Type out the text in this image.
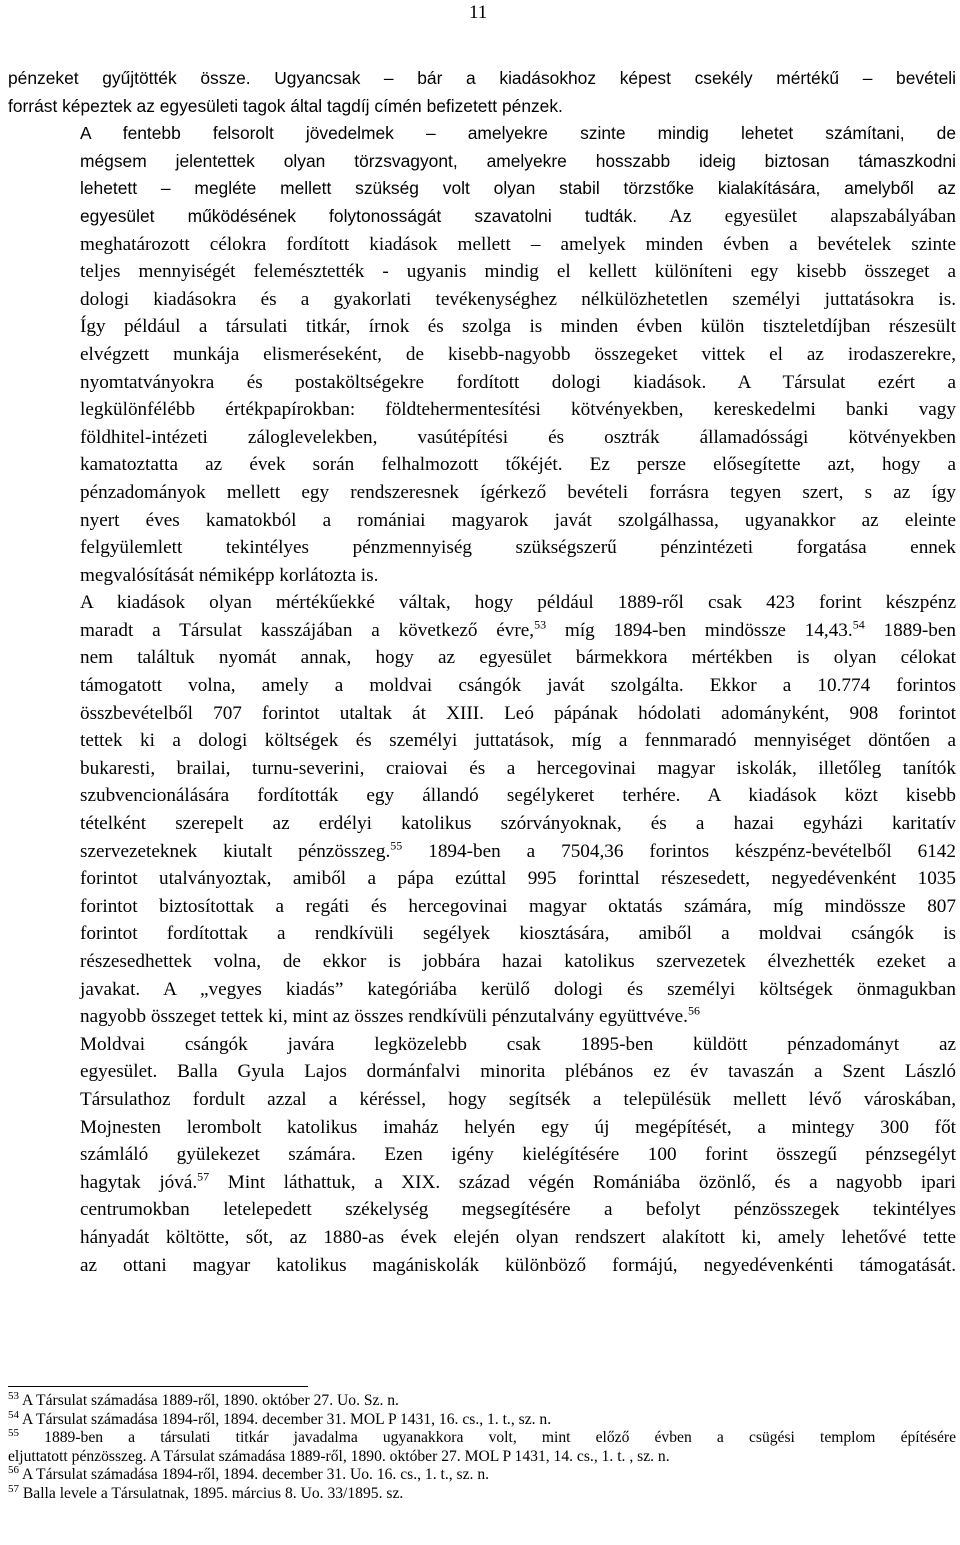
11
pénzeket gyűjtötték össze. Ugyancsak – bár a kiadásokhoz képest csekély mértékű – bevételi
forrást képeztek az egyesületi tagok által tagdíj címén befizetett pénzek.
A fentebb felsorolt jövedelmek – amelyekre szinte mindig lehetet számítani, de
mégsem jelentettek olyan törzsvagyont, amelyekre hosszabb ideig biztosan támaszkodni
lehetett – megléte mellett szükség volt olyan stabil törzstőke kialakítására, amelyből az
egyesület működésének folytonosságát szavatolni tudták. Az egyesület alapszabályában
meghatározott célokra fordított kiadások mellett – amelyek minden évben a bevételek szinte
teljes mennyiségét felemésztették - ugyanis mindig el kellett különíteni egy kisebb összeget a
dologi kiadásokra és a gyakorlati tevékenységhez nélkülözhetetlen személyi juttatásokra is.
Így például a társulati titkár, írnok és szolga is minden évben külön tiszteletdíjban részesült
elvégzett munkája elismeréseként, de kisebb-nagyobb összegeket vittek el az irodaszerekre,
nyomtatványokra és postaköltségekre fordított dologi kiadások. A Társulat ezért a
legkülönfélébb értékpapírokban: földtehermentesítési kötvényekben, kereskedelmi banki vagy
földhitel-intézeti záloglevelekben, vasútépítési és osztrák államadóssági kötvényekben
kamatoztatta az évek során felhalmozott tőkéjét. Ez persze elősegítette azt, hogy a
pénzadományok mellett egy rendszeresnek ígérkező bevételi forrásra tegyen szert, s az így
nyert éves kamatokból a romániai magyarok javát szolgálhassa, ugyanakkor az eleinte
felgyülemlett tekintélyes pénzmennyiség szükségszerű pénzintézeti forgatása ennek
megvalósítását némiképp korlátozta is.
A kiadások olyan mértékűekké váltak, hogy például 1889-ről csak 423 forint készpénz
maradt a Társulat kasszájában a következő évre,$^{53}$ míg 1894-ben mindössze 14,43.54 1889-ben
nem találtuk nyomát annak, hogy az egyesület bármekkora mértékben is olyan célokat
támogatott volna, amely a moldvai csángók javát szolgálta. Ekkor a 10.774 forintos
összbevételből 707 forintot utaltak át XIII. Leó pápának hódolati adományként, 908 forintot
tettek ki a dologi költségek és személyi juttatások, míg a fennmaradó mennyiséget döntően a
bukaresti, brailai, turnu-severini, craiovai és a hercegovinai magyar iskolák, illetőleg tanítók
szubvencionálására fordították egy állandó segélykeret terhére. A kiadások közt kisebb
tételként szerepelt az erdélyi katolikus szórványoknak, és a hazai egyházi karitatív
szervezeteknek kiutalt pénzösszeg.$^{55}$ 1894-ben a 7504,36 forintos készpénz-bevételből 6142
forintot utalványoztak, amiből a pápa ezúttal 995 forinttal részesedett, negyedévenként 1035
forintot biztosítottak a regáti és hercegovinai magyar oktatás számára, míg mindössze 807
forintot fordítottak a rendkívüli segélyek kiosztására, amiből a moldvai csángók is
részesedhettek volna, de ekkor is jobbára hazai katolikus szervezetek élvezhették ezeket a
javakat. A „vegyes kiadás” kategóriába kerülő dologi és személyi költségek önmagukban
nagyobb összeget tettek ki, mint az összes rendkívüli pénzutalvány együttvéve.$^{56}$
Moldvai csángók javára legközelebb csak 1895-ben küldött pénzadományt az
egyesület. Balla Gyula Lajos dormánfalvi minorita plébános ez év tavaszán a Szent László
Társulathoz fordult azzal a kéréssel, hogy segítsék a településük mellett lévő városkában,
Mojnesten lerombolt katolikus imaház helyén egy új megépítését, a mintegy 300 főt
számláló gyülekezet számára. Ezen igény kielégítésére 100 forint összegű pénzsegélyt
hagytak jóvá.$^{57}$ Mint láthattuk, a XIX. század végén Romániába özönlő, és a nagyobb ipari
centrumokban letelepedett székelység megsegítésére a befolyt pénzösszegek tekintélyes
hányadát költötte, sőt, az 1880-as évek elején olyan rendszert alakított ki, amely lehetővé tette
az ottani magyar katolikus magániskolák különböző formájú, negyedévenkénti támogatását.
$^{53}$ A Társulat számadása 1889-ről, 1890. október 27. Uo. Sz. n.
$^{54}$ A Társulat számadása 1894-ről, 1894. december 31. MOL P 1431, 16. cs., 1. t., sz. n.
$^{55}$ 1889-ben a társulati titkár javadalma ugyanakkora volt, mint előző évben a csügési templom építésére
eljuttatott pénzösszeg. A Társulat számadása 1889-ről, 1890. október 27. MOL P 1431, 14. cs., 1. t. , sz. n.
$^{56}$ A Társulat számadása 1894-ről, 1894. december 31. Uo. 16. cs., 1. t., sz. n.
$^{57}$ Balla levele a Társulatnak, 1895. március 8. Uo. 33/1895. sz.
